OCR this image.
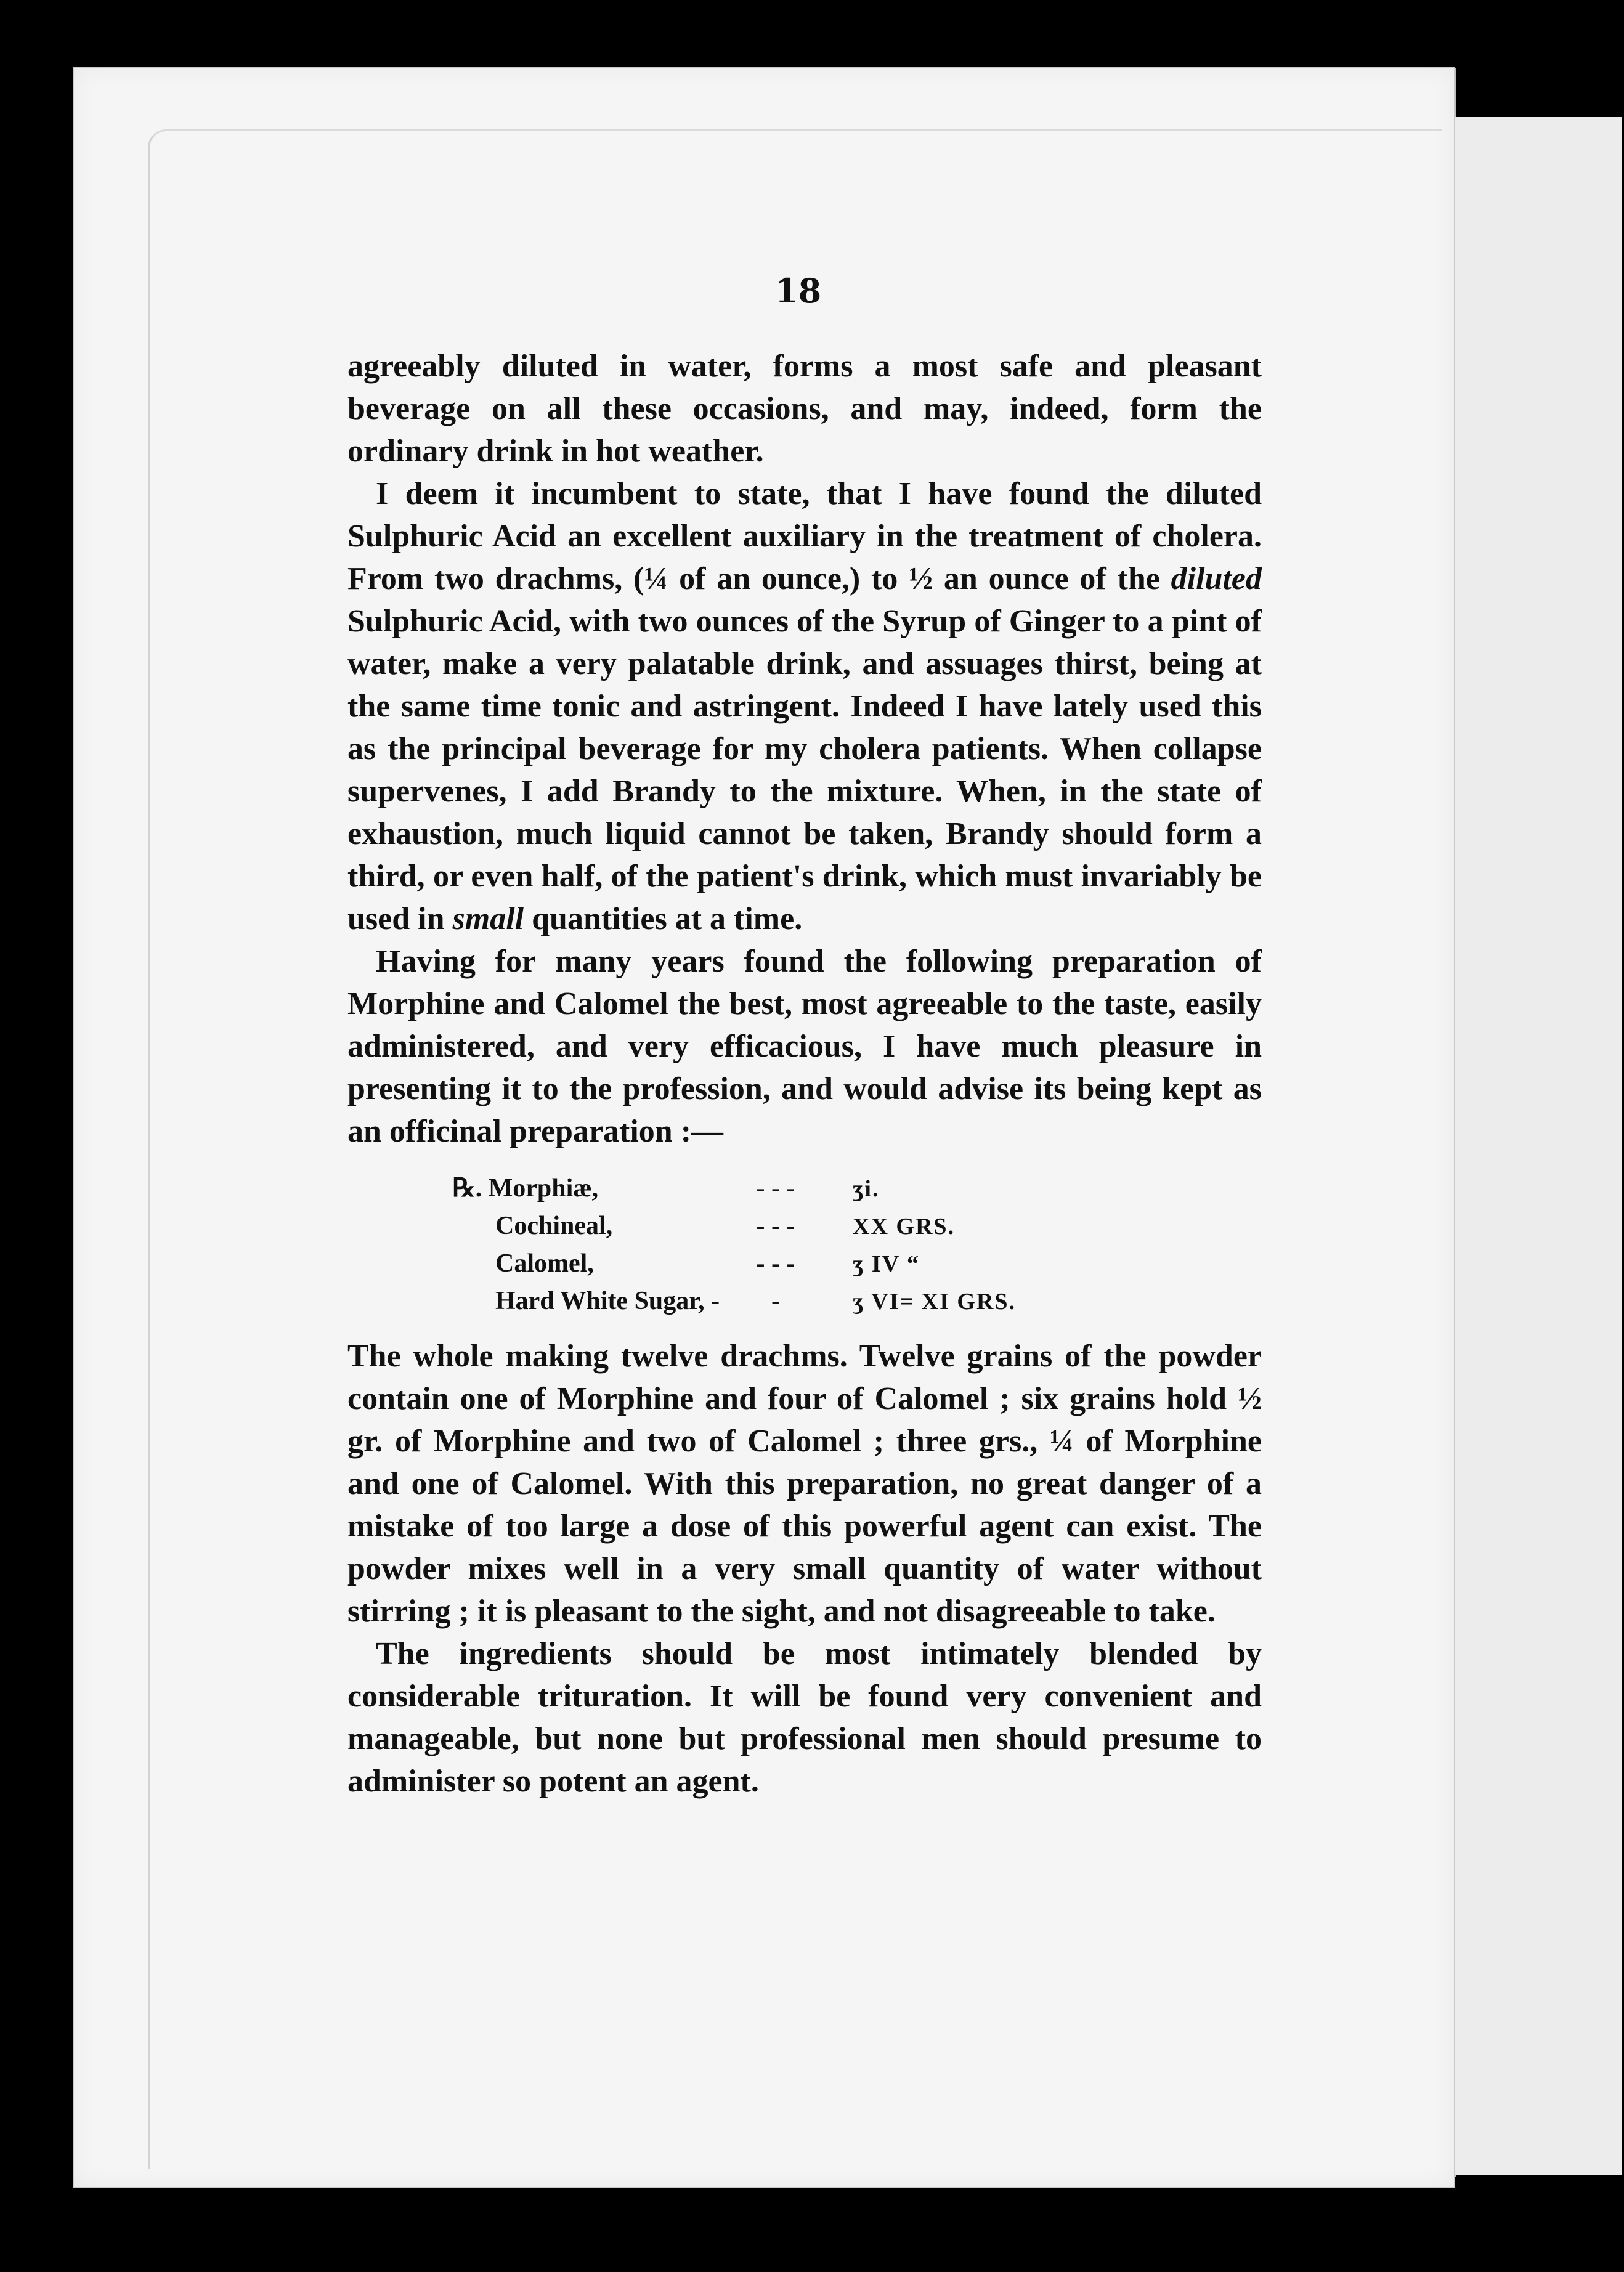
18

agreeably diluted in water, forms a most safe and pleasant beverage on all these occasions, and may, indeed, form the ordinary drink in hot weather.

I deem it incumbent to state, that I have found the diluted Sulphuric Acid an excellent auxiliary in the treatment of cholera. From two drachms, (¼ of an ounce,) to ½ an ounce of the diluted Sulphuric Acid, with two ounces of the Syrup of Ginger to a pint of water, make a very palatable drink, and assuages thirst, being at the same time tonic and astringent. Indeed I have lately used this as the principal beverage for my cholera patients. When collapse supervenes, I add Brandy to the mixture. When, in the state of exhaustion, much liquid cannot be taken, Brandy should form a third, or even half, of the patient's drink, which must invariably be used in small quantities at a time.

Having for many years found the following preparation of Morphine and Calomel the best, most agreeable to the taste, easily administered, and very efficacious, I have much pleasure in presenting it to the profession, and would advise its being kept as an officinal preparation :—

℞. Morphiæ,	- - -	ʒi.
Cochineal,	- - -	XX GRS.
Calomel,	- - -	ʒ IV “
Hard White Sugar, -	-	ʒ VI= XI GRS.

The whole making twelve drachms. Twelve grains of the powder contain one of Morphine and four of Calomel ; six grains hold ½ gr. of Morphine and two of Calomel ; three grs., ¼ of Morphine and one of Calomel. With this preparation, no great danger of a mistake of too large a dose of this powerful agent can exist. The powder mixes well in a very small quantity of water without stirring ; it is pleasant to the sight, and not disagreeable to take.

The ingredients should be most intimately blended by considerable trituration. It will be found very convenient and manageable, but none but professional men should presume to administer so potent an agent.
